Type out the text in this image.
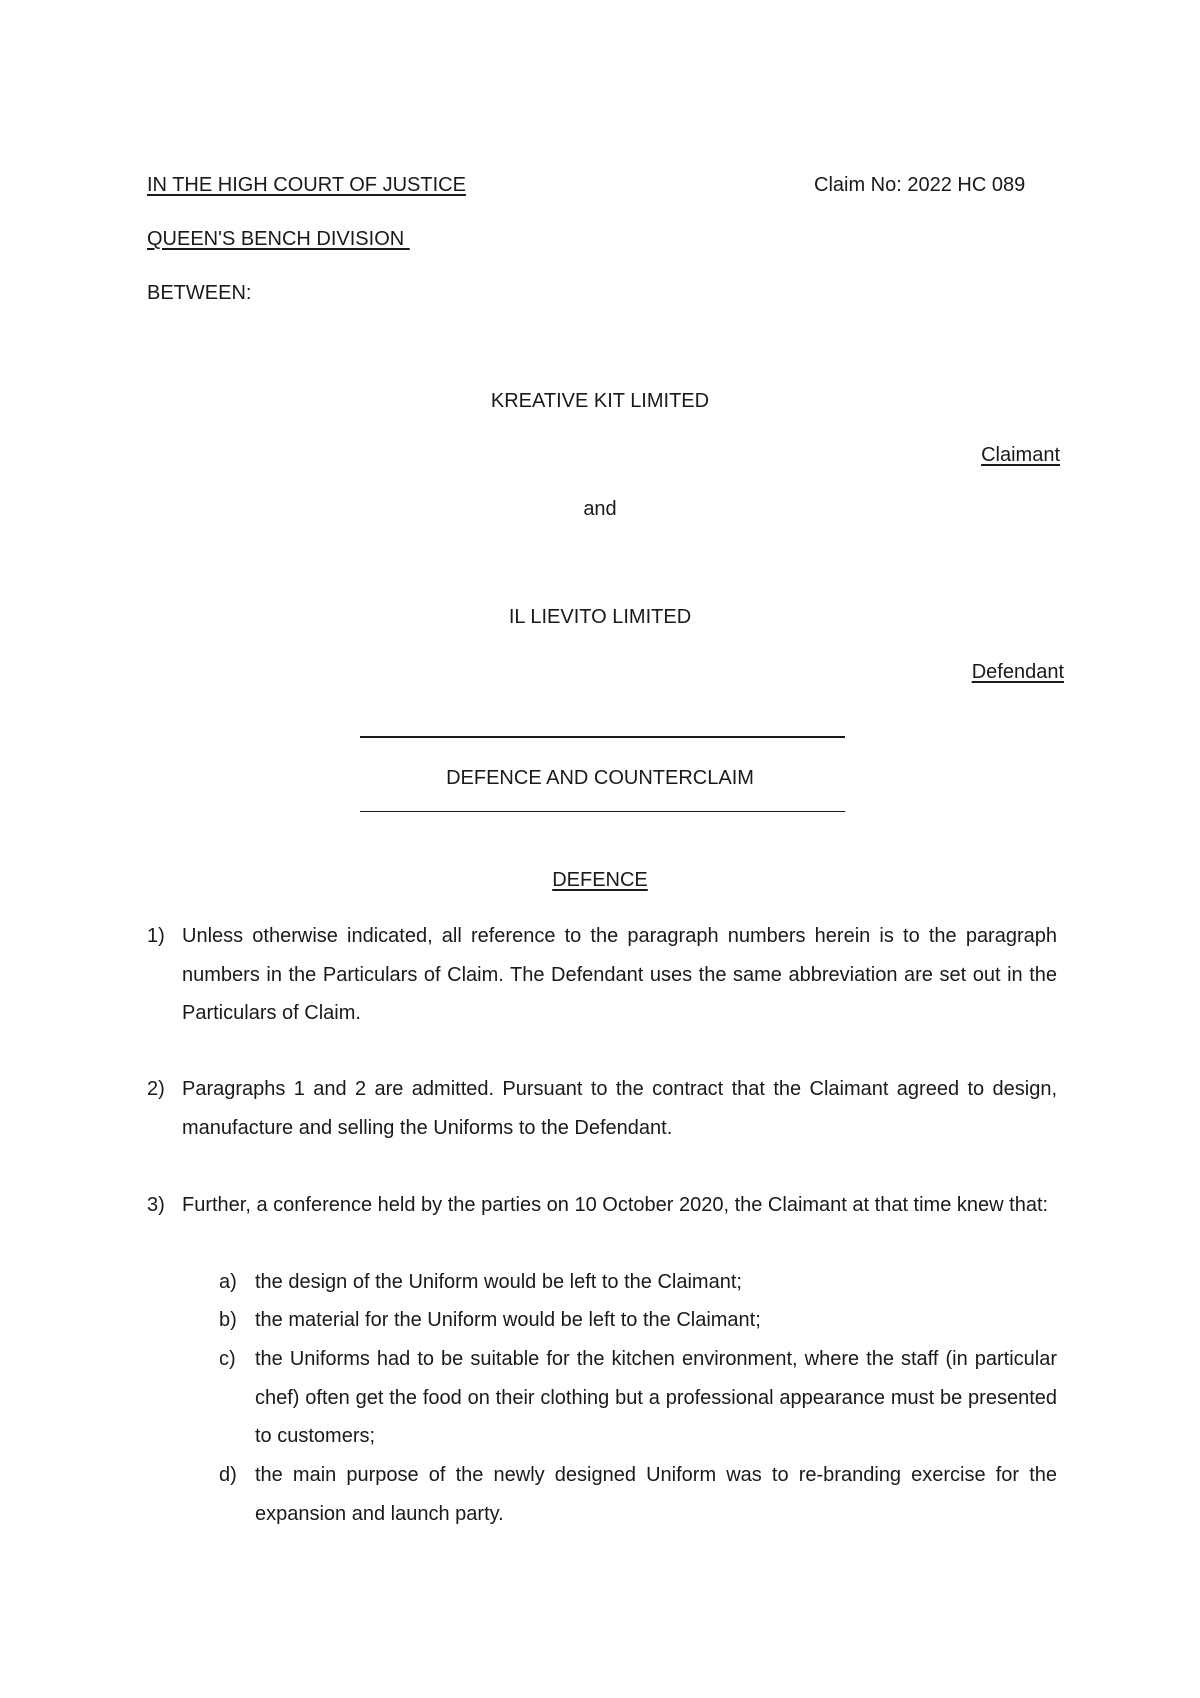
IN THE HIGH COURT OF JUSTICE	Claim No: 2022 HC 089
QUEEN'S BENCH DIVISION
BETWEEN:
KREATIVE KIT LIMITED
Claimant
and
IL LIEVITO LIMITED
Defendant
DEFENCE AND COUNTERCLAIM
DEFENCE
1) Unless otherwise indicated, all reference to the paragraph numbers herein is to the paragraph numbers in the Particulars of Claim. The Defendant uses the same abbreviation are set out in the Particulars of Claim.
2) Paragraphs 1 and 2 are admitted. Pursuant to the contract that the Claimant agreed to design, manufacture and selling the Uniforms to the Defendant.
3) Further, a conference held by the parties on 10 October 2020, the Claimant at that time knew that:
a) the design of the Uniform would be left to the Claimant;
b) the material for the Uniform would be left to the Claimant;
c) the Uniforms had to be suitable for the kitchen environment, where the staff (in particular chef) often get the food on their clothing but a professional appearance must be presented to customers;
d) the main purpose of the newly designed Uniform was to re-branding exercise for the expansion and launch party.
